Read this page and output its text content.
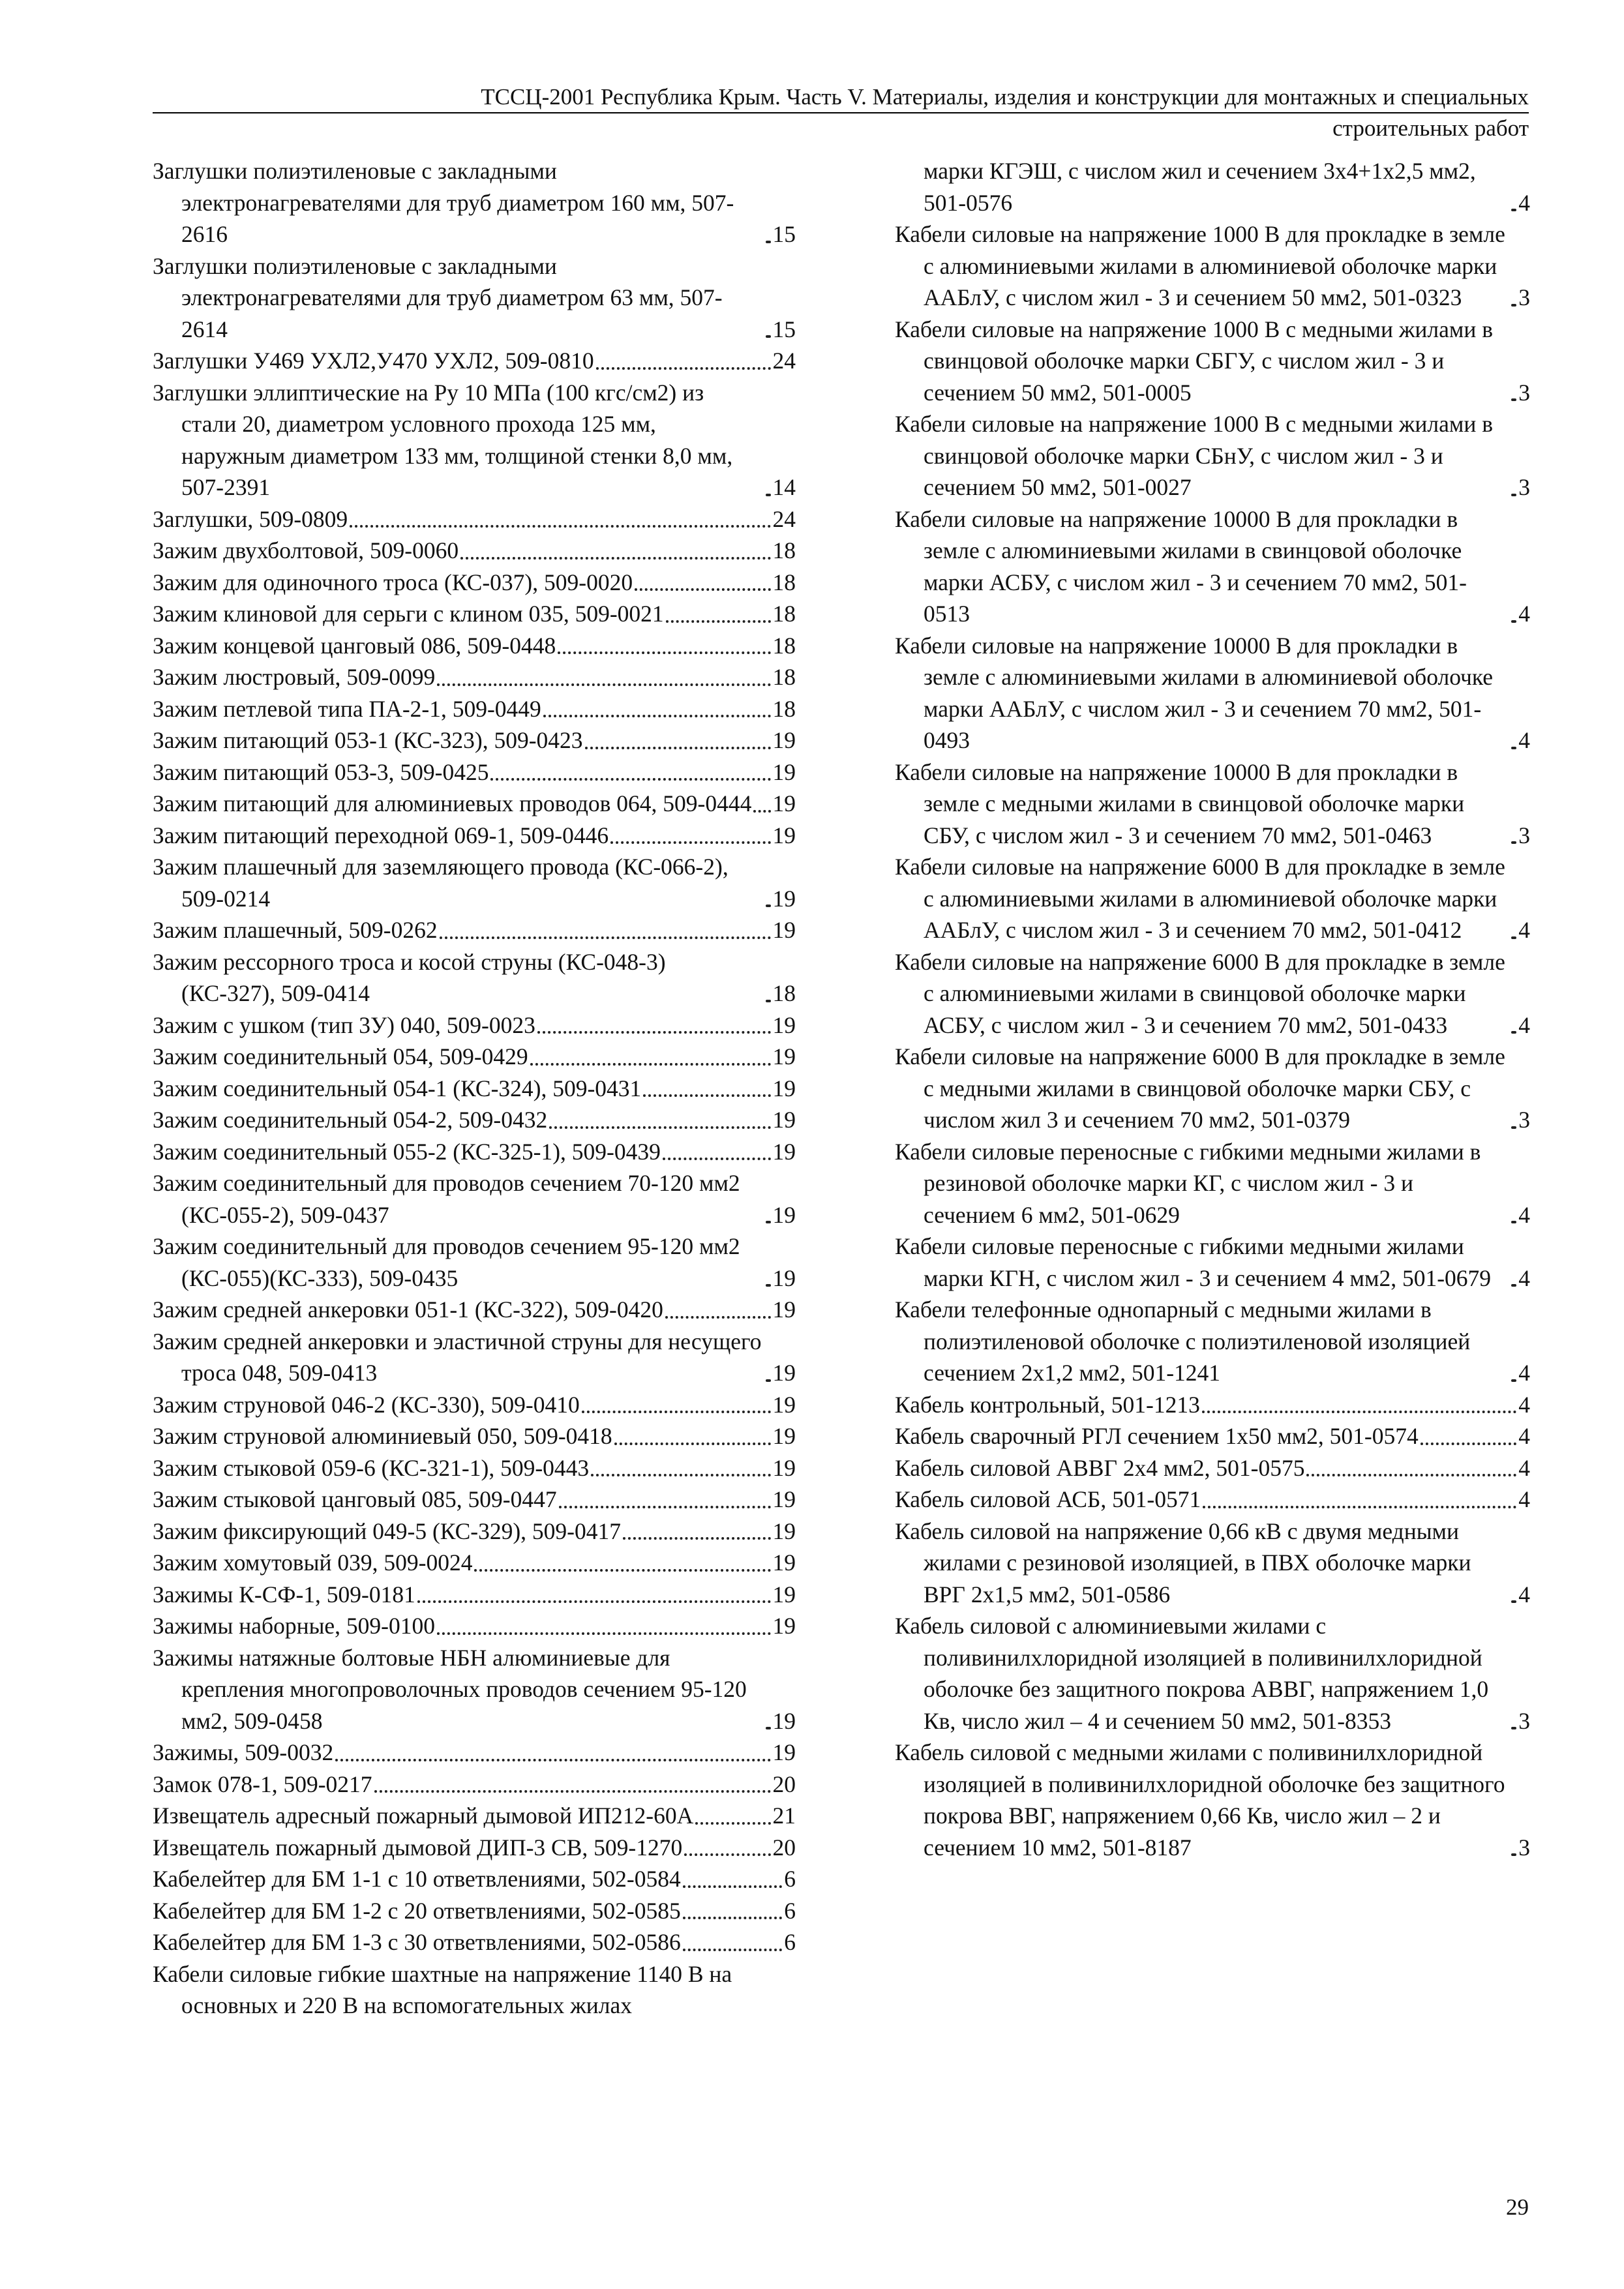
ТССЦ-2001 Республика Крым. Часть V. Материалы, изделия и конструкции для монтажных и специальных
строительных работ
Заглушки полиэтиленовые с закладными электронагревателями для труб диаметром 160 мм, 507-2616	15
Заглушки полиэтиленовые с закладными электронагревателями для труб диаметром 63 мм, 507-2614	15
Заглушки У469 УХЛ2,У470 УХЛ2, 509-0810	24
Заглушки эллиптические на Ру 10 МПа (100 кгс/см2) из стали 20, диаметром условного прохода 125 мм, наружным диаметром 133 мм, толщиной стенки 8,0 мм, 507-2391	14
Заглушки, 509-0809	24
Зажим двухболтовой, 509-0060	18
Зажим для одиночного троса (КС-037), 509-0020	18
Зажим клиновой для серьги с клином 035, 509-0021	18
Зажим концевой цанговый 086, 509-0448	18
Зажим люстровый, 509-0099	18
Зажим петлевой типа ПА-2-1, 509-0449	18
Зажим питающий 053-1 (КС-323), 509-0423	19
Зажим питающий 053-3, 509-0425	19
Зажим питающий для алюминиевых проводов 064, 509-0444 19
Зажим питающий переходной 069-1, 509-0446	19
Зажим плашечный для заземляющего провода (КС-066-2), 509-0214	19
Зажим плашечный, 509-0262	19
Зажим рессорного троса и косой струны (КС-048-3) (КС-327), 509-0414	18
Зажим с ушком (тип 3У) 040, 509-0023	19
Зажим соединительный 054, 509-0429	19
Зажим соединительный 054-1 (КС-324), 509-0431	19
Зажим соединительный 054-2, 509-0432	19
Зажим соединительный 055-2 (КС-325-1), 509-0439	19
Зажим соединительный для проводов сечением 70-120 мм2 (КС-055-2), 509-0437	19
Зажим соединительный для проводов сечением 95-120 мм2 (КС-055)(КС-333), 509-0435	19
Зажим средней анкеровки 051-1 (КС-322), 509-0420	19
Зажим средней анкеровки и эластичной струны для несущего троса 048, 509-0413	19
Зажим струновой 046-2 (КС-330), 509-0410	19
Зажим струновой алюминиевый 050, 509-0418	19
Зажим стыковой 059-6 (КС-321-1), 509-0443	19
Зажим стыковой цанговый 085, 509-0447	19
Зажим фиксирующий 049-5 (КС-329), 509-0417	19
Зажим хомутовый 039, 509-0024	19
Зажимы К-СФ-1, 509-0181	19
Зажимы наборные, 509-0100	19
Зажимы натяжные болтовые НБН алюминиевые для крепления многопроволочных проводов сечением 95-120 мм2, 509-0458	19
Зажимы, 509-0032	19
Замок 078-1, 509-0217	20
Извещатель адресный пожарный дымовой ИП212-60А	21
Извещатель пожарный дымовой ДИП-3 СВ, 509-1270	20
Кабелейтер для БМ 1-1 с 10 ответвлениями, 502-0584	6
Кабелейтер для БМ 1-2 с 20 ответвлениями, 502-0585	6
Кабелейтер для БМ 1-3 с 30 ответвлениями, 502-0586	6
Кабели силовые гибкие шахтные на напряжение 1140 В на основных и 220 В на вспомогательных жилах
марки КГЭШ, с числом жил и сечением 3х4+1х2,5 мм2, 501-0576	4
Кабели силовые на напряжение 1000 В для прокладке в земле с алюминиевыми жилами в алюминиевой оболочке марки ААБлУ, с числом жил - 3 и сечением 50 мм2, 501-0323	3
Кабели силовые на напряжение 1000 В с медными жилами в свинцовой оболочке марки СБГУ, с числом жил - 3 и сечением 50 мм2, 501-0005	3
Кабели силовые на напряжение 1000 В с медными жилами в свинцовой оболочке марки СБнУ, с числом жил - 3 и сечением 50 мм2, 501-0027	3
Кабели силовые на напряжение 10000 В для прокладки в земле с алюминиевыми жилами в свинцовой оболочке марки АСБУ, с числом жил - 3 и сечением 70 мм2, 501-0513	4
Кабели силовые на напряжение 10000 В для прокладки в земле с алюминиевыми жилами в алюминиевой оболочке марки ААБлУ, с числом жил - 3 и сечением 70 мм2, 501-0493	4
Кабели силовые на напряжение 10000 В для прокладки в земле с медными жилами в свинцовой оболочке марки СБУ, с числом жил - 3 и сечением 70 мм2, 501-0463	3
Кабели силовые на напряжение 6000 В для прокладке в земле с алюминиевыми жилами в алюминиевой оболочке марки ААБлУ, с числом жил - 3 и сечением 70 мм2, 501-0412	4
Кабели силовые на напряжение 6000 В для прокладке в земле с алюминиевыми жилами в свинцовой оболочке марки АСБУ, с числом жил - 3 и сечением 70 мм2, 501-0433	4
Кабели силовые на напряжение 6000 В для прокладке в земле с медными жилами в свинцовой оболочке марки СБУ, с числом жил 3 и сечением 70 мм2, 501-0379	3
Кабели силовые переносные с гибкими медными жилами в резиновой оболочке марки КГ, с числом жил - 3 и сечением 6 мм2, 501-0629	4
Кабели силовые переносные с гибкими медными жилами марки КГН, с числом жил - 3 и сечением 4 мм2, 501-0679	4
Кабели телефонные однопарный с медными жилами в полиэтиленовой оболочке с полиэтиленовой изоляцией сечением 2х1,2 мм2, 501-1241	4
Кабель контрольный, 501-1213	4
Кабель сварочный РГЛ сечением 1х50 мм2, 501-0574	4
Кабель силовой АВВГ 2х4 мм2, 501-0575	4
Кабель силовой АСБ, 501-0571	4
Кабель силовой на напряжение 0,66 кВ с двумя медными жилами с резиновой изоляцией, в ПВХ оболочке марки ВРГ 2х1,5 мм2, 501-0586	4
Кабель силовой с алюминиевыми жилами с поливинилхлоридной изоляцией в поливинилхлоридной оболочке без защитного покрова АВВГ, напряжением 1,0 Кв, число жил – 4 и сечением 50 мм2, 501-8353	3
Кабель силовой с медными жилами с поливинилхлоридной изоляцией в поливинилхлоридной оболочке без защитного покрова ВВГ, напряжением 0,66 Кв, число жил – 2 и сечением 10 мм2, 501-8187	3
29
